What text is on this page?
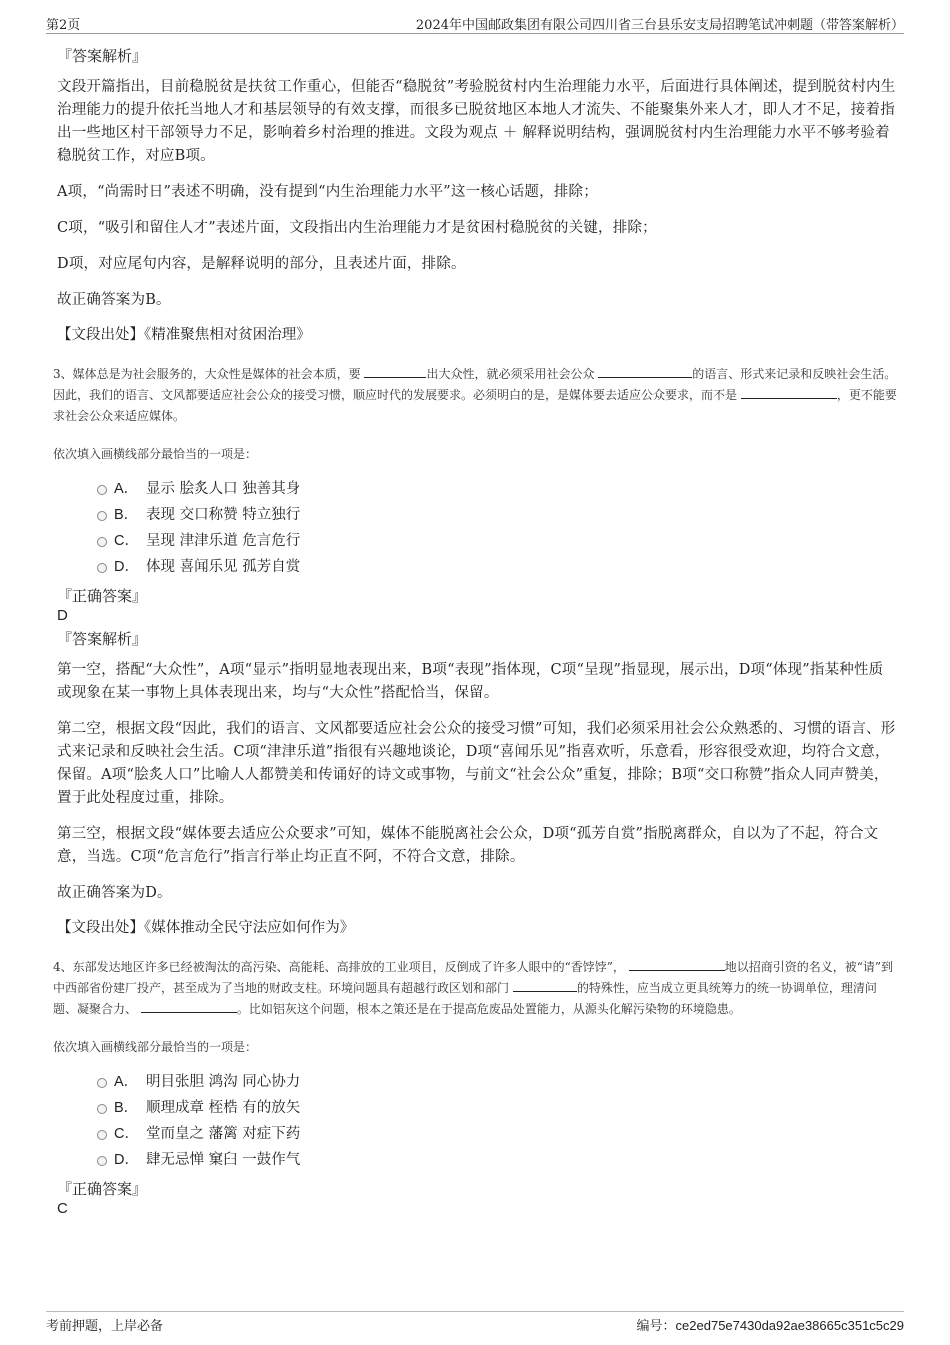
第2页	2024年中国邮政集团有限公司四川省三台县乐安支局招聘笔试冲刺题（带答案解析）
『答案解析』
文段开篇指出，目前稳脱贫是扶贫工作重心，但能否“稳脱贫”考验脱贫村内生治理能力水平，后面进行具体阐述，提到脱贫村内生治理能力的提升依托当地人才和基层领导的有效支撑，而很多已脱贫地区本地人才流失、不能聚集外来人才，即人才不足，接着指出一些地区村干部领导力不足，影响着乡村治理的推进。文段为观点 ＋ 解释说明结构，强调脱贫村内生治理能力水平不够考验着稳脱贫工作，对应B项。
A项，“尚需时日”表述不明确，没有提到“内生治理能力水平”这一核心话题，排除；
C项，“吸引和留住人才”表述片面，文段指出内生治理能力才是贫困村稳脱贫的关键，排除；
D项，对应尾句内容，是解释说明的部分，且表述片面，排除。
故正确答案为B。
【文段出处】《精准聚焦相对贫困治理》
3、媒体总是为社会服务的，大众性是媒体的社会本质，要	出大众性，就必须采用社会公众	的语言、形式来记录和反映社会生活。因此，我们的语言、文风都要适应社会公众的接受习惯，顺应时代的发展要求。必须明白的是，是媒体要去适应公众要求，而不是	，更不能要求社会公众来适应媒体。
依次填入画横线部分最恰当的一项是：
A． 显示 脍炙人口 独善其身
B． 表现 交口称赞 特立独行
C． 呈现 津津乐道 危言危行
D． 体现 喜闻乐见 孤芳自赏
『正确答案』
D
『答案解析』
第一空，搭配“大众性”，A项“显示”指明显地表现出来，B项“表现”指体现，C项“呈现”指显现，展示出，D项“体现”指某种性质或现象在某一事物上具体表现出来，均与“大众性”搭配恰当，保留。
第二空，根据文段“因此，我们的语言、文风都要适应社会公众的接受习惯”可知，我们必须采用社会公众熟悉的、习惯的语言、形式来记录和反映社会生活。C项“津津乐道”指很有兴趣地谈论，D项“喜闻乐见”指喜欢听，乐意看，形容很受欢迎，均符合文意，保留。A项“脍炙人口”比喻人人都赞美和传诵好的诗文或事物，与前文“社会公众”重复，排除；B项“交口称赞”指众人同声赞美，置于此处程度过重，排除。
第三空，根据文段“媒体要去适应公众要求”可知，媒体不能脱离社会公众，D项“孤芳自赏”指脱离群众，自以为了不起，符合文意，当选。C项“危言危行”指言行举止均正直不阿，不符合文意，排除。
故正确答案为D。
【文段出处】《媒体推动全民守法应如何作为》
4、东部发达地区许多已经被淘汰的高污染、高能耗、高排放的工业项目，反倒成了许多人眼中的“香饽饽”，	地以招商引资的名义，被“请”到中西部省份建厂投产，甚至成为了当地的财政支柱。环境问题具有超越行政区划和部门	的特殊性，应当成立更具统筹力的统一协调单位，理清问题、凝聚合力、	。比如铝灰这个问题，根本之策还是在于提高危废品处置能力，从源头化解污染物的环境隐患。
依次填入画横线部分最恰当的一项是：
A． 明目张胆 鸿沟 同心协力
B． 顺理成章 桎梏 有的放矢
C． 堂而皇之 藩篱 对症下药
D． 肆无忌惮 窠臼 一鼓作气
『正确答案』
C
考前押题，上岸必备	编号：ce2ed75e7430da92ae38665c351c5c29
